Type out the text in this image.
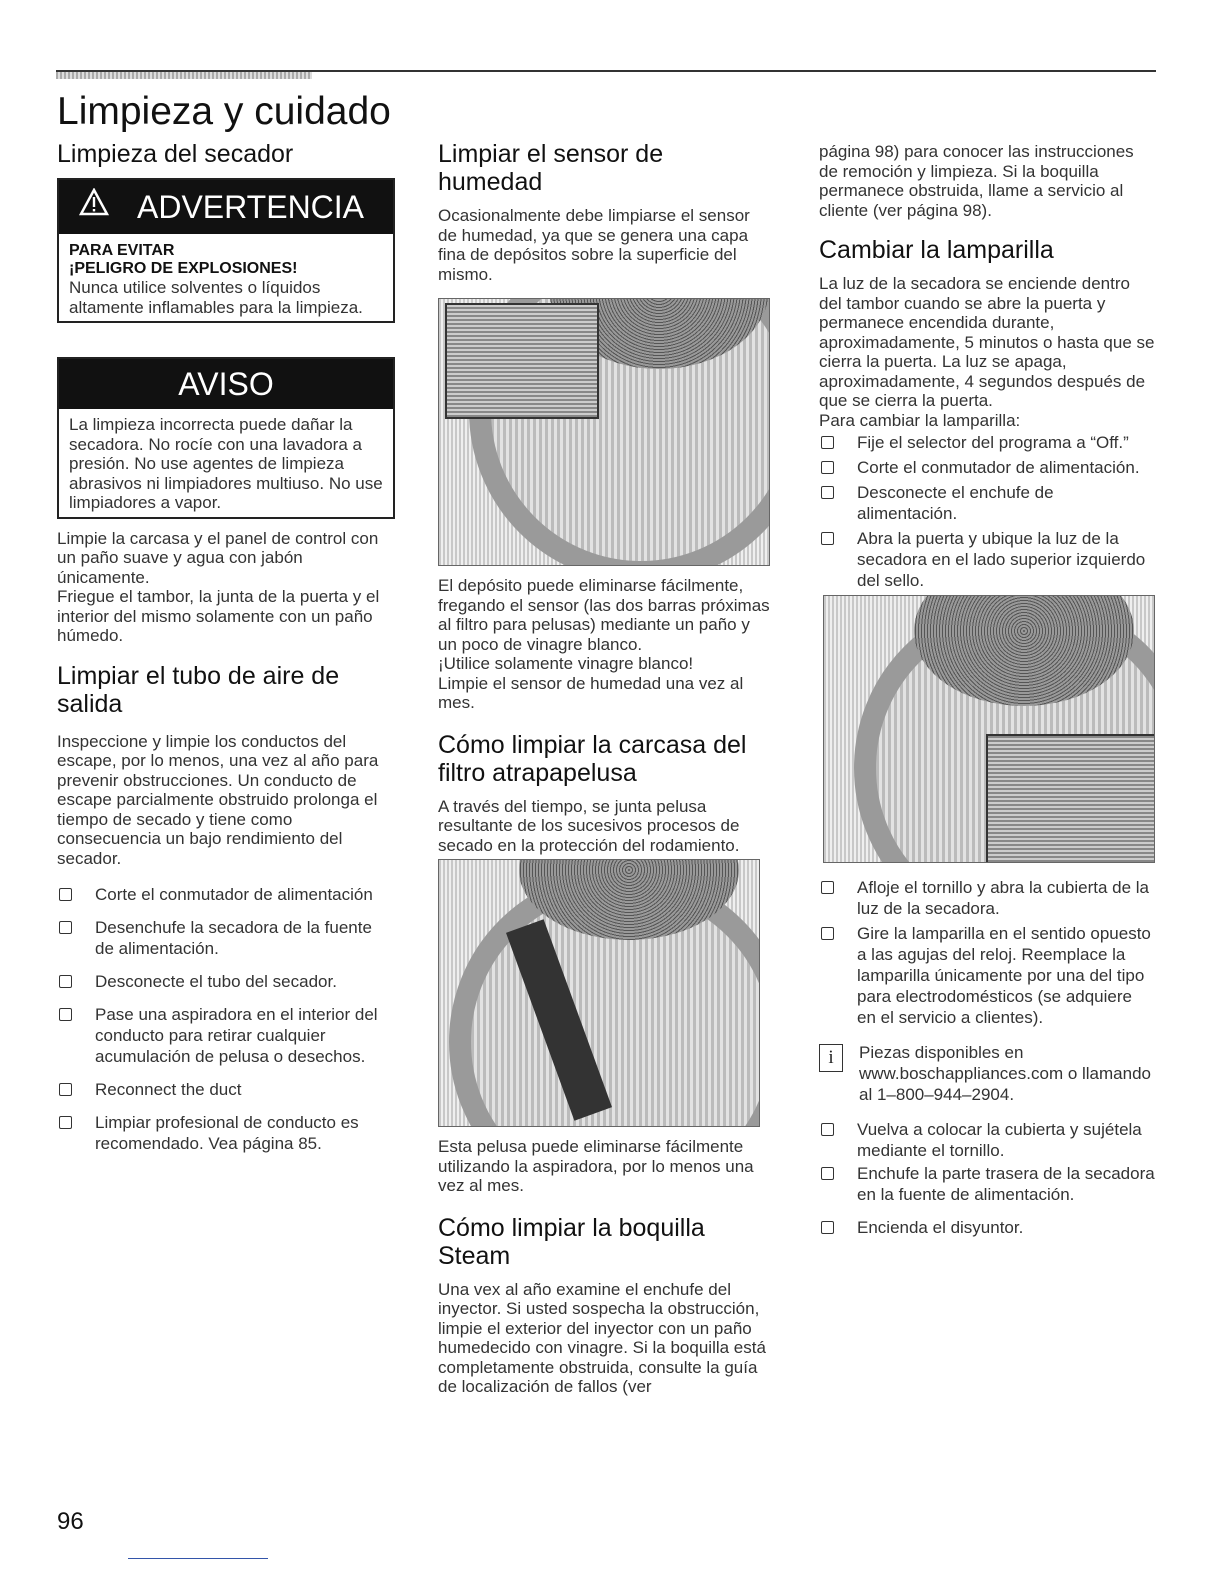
Limpieza y cuidado
Limpieza del secador
ADVERTENCIA
PARA EVITAR
¡PELIGRO DE EXPLOSIONES!

Nunca utilice solventes o líquidos altamente inflamables para la limpieza.

AVISO

La limpieza incorrecta puede dañar la secadora. No rocíe con una lavadora a presión. No use agentes de limpieza abrasivos ni limpiadores multiuso. No use limpiadores a vapor.

Limpie la carcasa y el panel de control con un paño suave y agua con jabón únicamente.

Friegue el tambor, la junta de la puerta y el interior del mismo solamente con un paño húmedo.

Limpiar el tubo de aire de salida

Inspeccione y limpie los conductos del escape, por lo menos, una vez al año para prevenir obstrucciones. Un conducto de escape parcialmente obstruido prolonga el tiempo de secado y tiene como consecuencia un bajo rendimiento del secador.

Corte el conmutador de alimentación
Desenchufe la secadora de la fuente de alimentación.
Desconecte el tubo del secador.
Pase una aspiradora en el interior del conducto para retirar cualquier acumulación de pelusa o desechos.
Reconnect the duct
Limpiar profesional de conducto es recomendado. Vea página 85.
Limpiar el sensor de humedad

Ocasionalmente debe limpiarse el sensor de humedad, ya que se genera una capa fina de depósitos sobre la superficie del mismo.

El depósito puede eliminarse fácilmente, fregando el sensor (las dos barras próximas al filtro para pelusas) mediante un paño y un poco de vinagre blanco.

¡Utilice solamente vinagre blanco!

Limpie el sensor de humedad una vez al mes.

Cómo limpiar la carcasa del filtro atrapapelusa

A través del tiempo, se junta pelusa resultante de los sucesivos procesos de secado en la protección del rodamiento.

Esta pelusa puede eliminarse fácilmente utilizando la aspiradora, por lo menos una vez al mes.

Cómo limpiar la boquilla Steam

Una vex al año examine el enchufe del inyector. Si usted sospecha la obstrucción, limpie el exterior del inyector con un paño humedecido con vinagre. Si la boquilla está completamente obstruida, consulte la guía de localización de fallos (ver

página 98) para conocer las instrucciones de remoción y limpieza. Si la boquilla permanece obstruida, llame a servicio al cliente (ver página 98).

Cambiar la lamparilla

La luz de la secadora se enciende dentro del tambor cuando se abre la puerta y permanece encendida durante, aproximadamente, 5 minutos o hasta que se cierra la puerta. La luz se apaga, aproximadamente, 4 segundos después de que se cierra la puerta.

Para cambiar la lamparilla:

Fije el selector del programa a “Off.”
Corte el conmutador de alimentación.
Desconecte el enchufe de alimentación.
Abra la puerta y ubique la luz de la secadora en el lado superior izquierdo del sello.
Afloje el tornillo y abra la cubierta de la luz de la secadora.
Gire la lamparilla en el sentido opuesto a las agujas del reloj. Reemplace la lamparilla únicamente por una del tipo para electrodomésticos (se adquiere en el servicio a clientes).
i	Piezas disponibles en www.boschappliances.com o llamando al 1–800–944–2904.

Vuelva a colocar la cubierta y sujétela mediante el tornillo.
Enchufe la parte trasera de la secadora en la fuente de alimentación.
Encienda el disyuntor.
96
